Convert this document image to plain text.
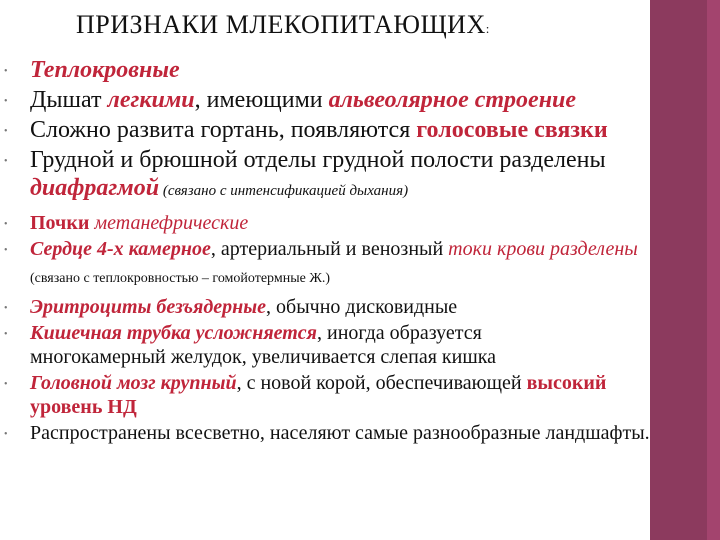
ПРИЗНАКИ МЛЕКОПИТАЮЩИХ:
• Теплокровные
• Дышат легкими, имеющими альвеолярное строение
• Сложно развита гортань, появляются голосовые связки
• Грудной и брюшной отделы грудной полости разделены диафрагмой (связано с интенсификацией дыхания)
• Почки метанефрические
• Сердце 4-х камерное, артериальный и венозный токи крови разделены (связано с теплокровностью – гомойотермные Ж.)
• Эритроциты безъядерные, обычно дисковидные
• Кишечная трубка усложняется, иногда образуется многокамерный желудок, увеличивается слепая кишка
• Головной мозг крупный, с новой корой, обеспечивающей высокий уровень НД
• Распространены всесветно, населяют самые разнообразные ландшафты.
